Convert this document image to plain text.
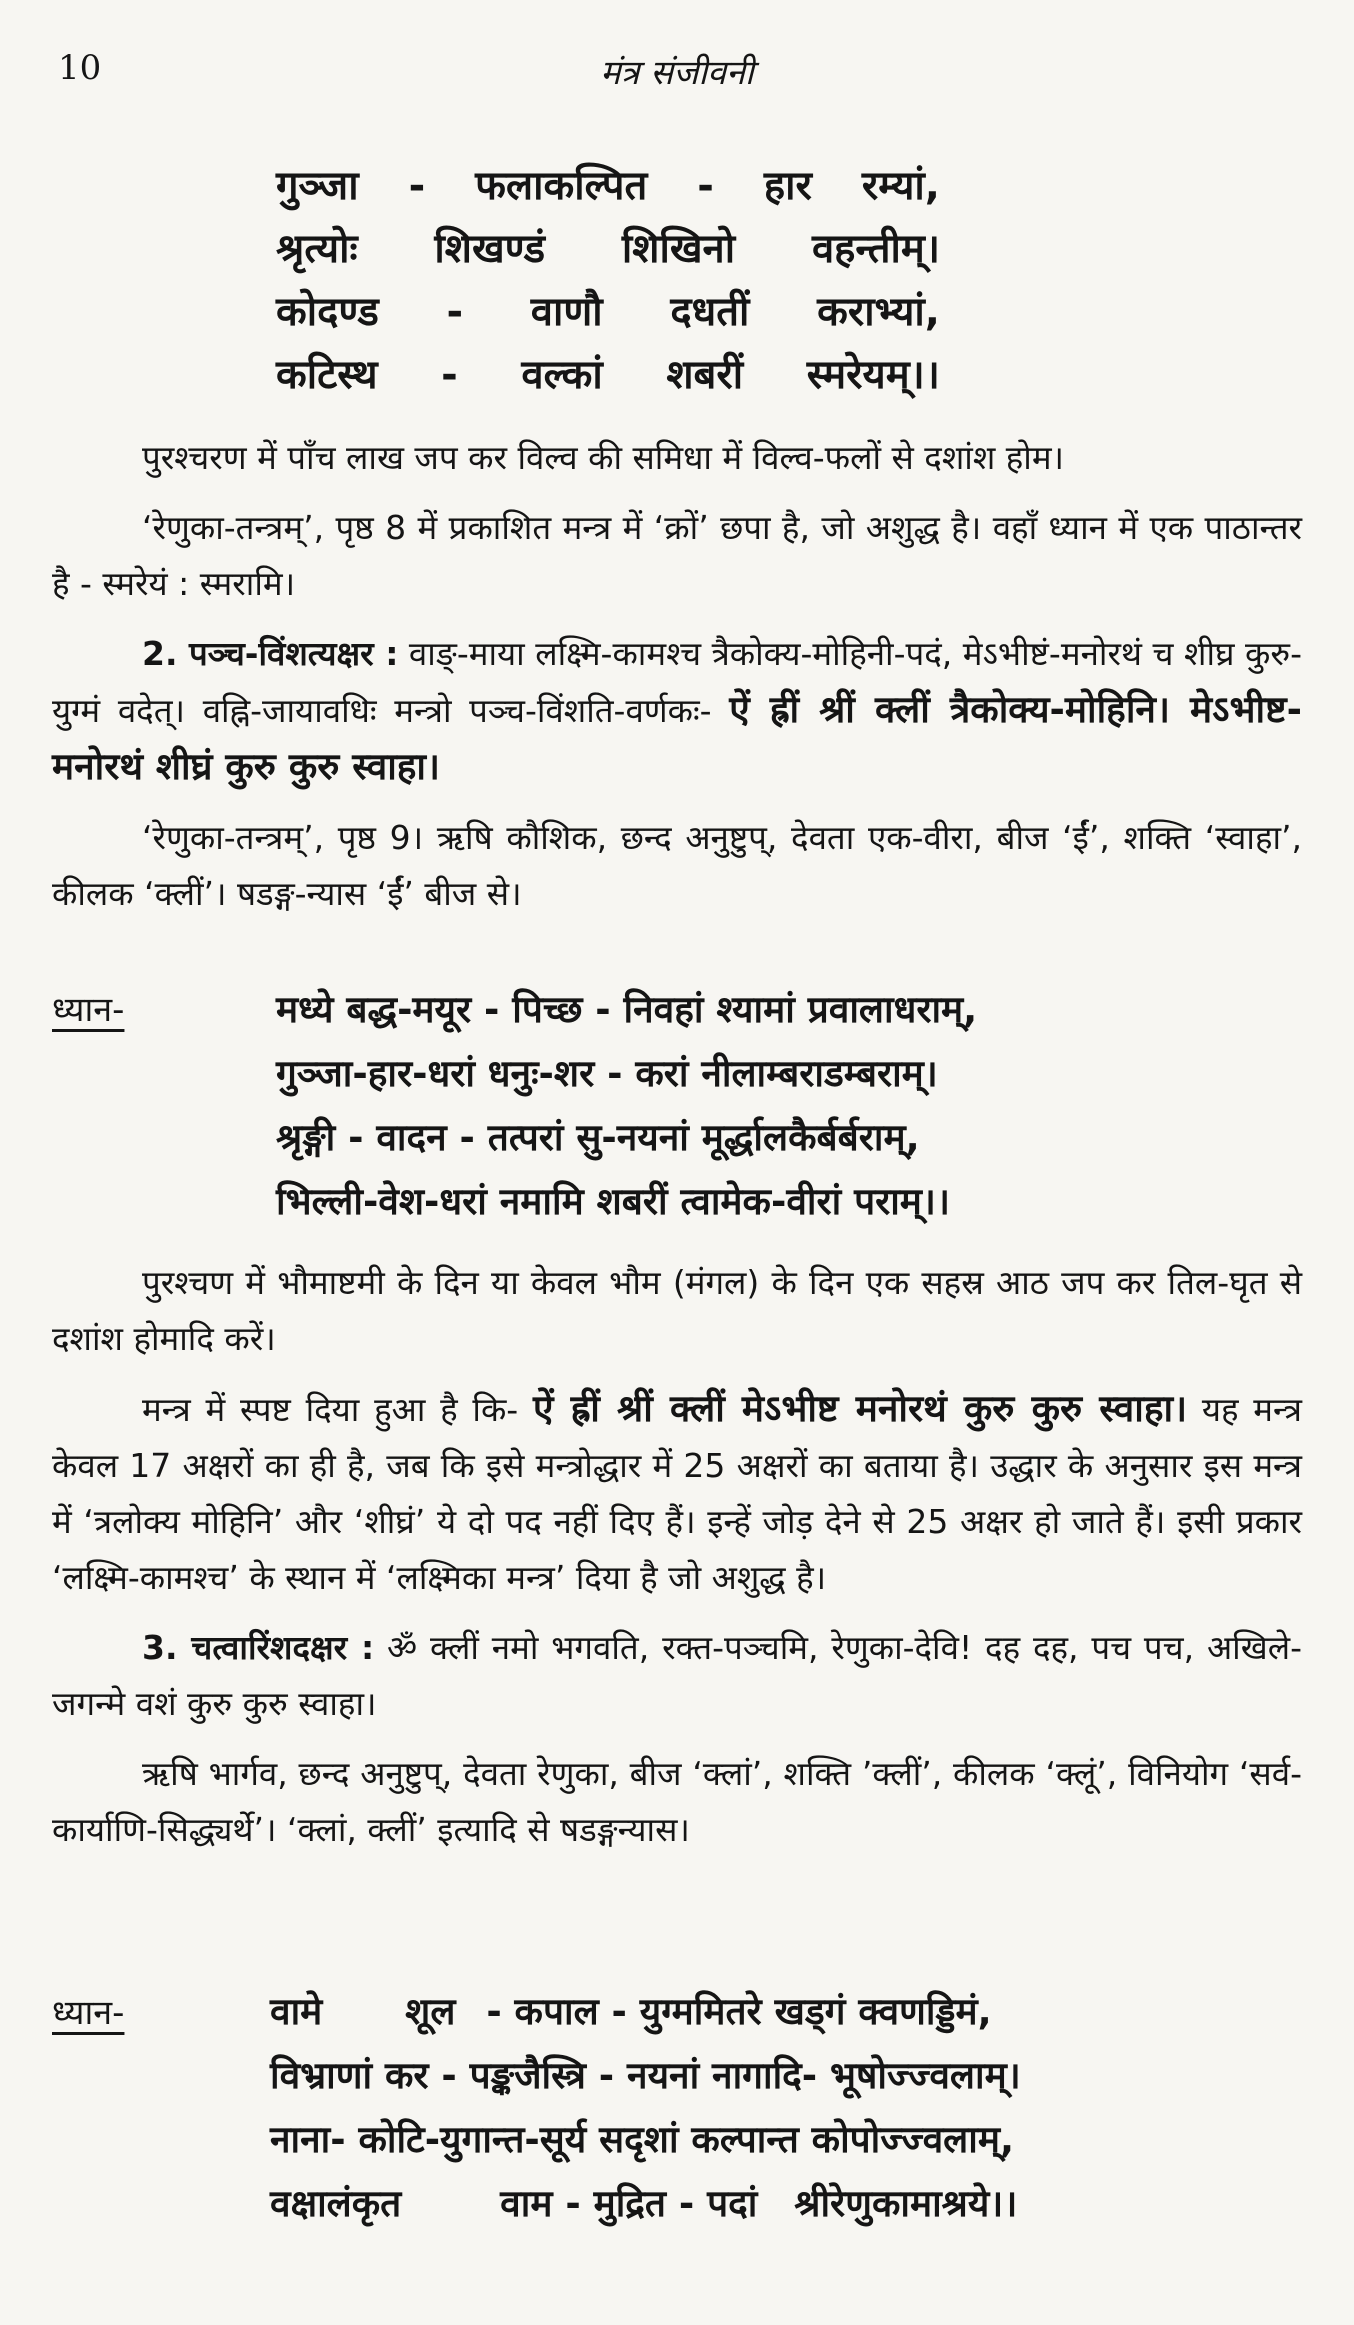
10	मंत्र संजीवनी
गुञ्जा - फलाकल्पित - हार रम्यां,
श्रृत्योः शिखण्डं शिखिनो वहन्तीम्।
कोदण्ड - वाणौ दधतीं कराभ्यां,
कटिस्थ - वल्कां शबरीं स्मरेयम्।।

पुरश्चरण में पाँच लाख जप कर विल्व की समिधा में विल्व-फलों से दशांश होम।

‘रेणुका-तन्त्रम्’, पृष्ठ 8 में प्रकाशित मन्त्र में ‘क्रों’ छपा है, जो अशुद्ध है। वहाँ ध्यान में एक पाठान्तर है - स्मरेयं : स्मरामि।

2. पञ्च-विंशत्यक्षर : वाङ्-माया लक्ष्मि-कामश्च त्रैकोक्य-मोहिनी-पदं, मेऽभीष्टं-मनोरथं च शीघ्र कुरु-युग्मं वदेत्। वह्नि-जायावधिः मन्त्रो पञ्च-विंशति-वर्णकः- ऐं ह्रीं श्रीं क्लीं त्रैकोक्य-मोहिनि। मेऽभीष्ट-मनोरथं शीघ्रं कुरु कुरु स्वाहा।

‘रेणुका-तन्त्रम्’, पृष्ठ 9। ऋषि कौशिक, छन्द अनुष्टुप्, देवता एक-वीरा, बीज ‘ईं’, शक्ति ‘स्वाहा’, कीलक ‘क्लीं’। षडङ्ग-न्यास ‘ईं’ बीज से।

ध्यान-	मध्ये बद्ध-मयूर - पिच्छ - निवहां श्यामां प्रवालाधराम्,
गुञ्जा-हार-धरां धनुः-शर - करां नीलाम्बराडम्बराम्।
श्रृङ्गी - वादन - तत्परां सु-नयनां मूर्द्धालकैर्बर्बराम्,
भिल्ली-वेश-धरां नमामि शबरीं त्वामेक-वीरां पराम्।।

पुरश्चण में भौमाष्टमी के दिन या केवल भौम (मंगल) के दिन एक सहस्र आठ जप कर तिल-घृत से दशांश होमादि करें।

मन्त्र में स्पष्ट दिया हुआ है कि- ऐं ह्रीं श्रीं क्लीं मेऽभीष्ट मनोरथं कुरु कुरु स्वाहा। यह मन्त्र केवल 17 अक्षरों का ही है, जब कि इसे मन्त्रोद्धार में 25 अक्षरों का बताया है। उद्धार के अनुसार इस मन्त्र में ‘त्रलोक्य मोहिनि’ और ‘शीघ्रं’ ये दो पद नहीं दिए हैं। इन्हें जोड़ देने से 25 अक्षर हो जाते हैं। इसी प्रकार ‘लक्ष्मि-कामश्च’ के स्थान में ‘लक्ष्मिका मन्त्र’ दिया है जो अशुद्ध है।

3. चत्वारिंशदक्षर : ॐ क्लीं नमो भगवति, रक्त-पञ्चमि, रेणुका-देवि! दह दह, पच पच, अखिले-जगन्मे वशं कुरु कुरु स्वाहा।

ऋषि भार्गव, छन्द अनुष्टुप्, देवता रेणुका, बीज ‘क्लां’, शक्ति ’क्लीं’, कीलक ‘क्लूं’, विनियोग ‘सर्व-कार्याणि-सिद्ध्यर्थे’। ‘क्लां, क्लीं’ इत्यादि से षडङ्गन्यास।

ध्यान-	वामे शूल - कपाल - युग्ममितरे खड्गं क्वणड्डिमं,
विभ्राणां कर - पङ्कजैस्त्रि - नयनां नागादि- भूषोज्ज्वलाम्।
नाना- कोटि-युगान्त-सूर्य सदृशां कल्पान्त कोपोज्ज्वलाम्,
वक्षालंकृत	वाम - मुद्रित - पदां श्रीरेणुकामाश्रये।।
